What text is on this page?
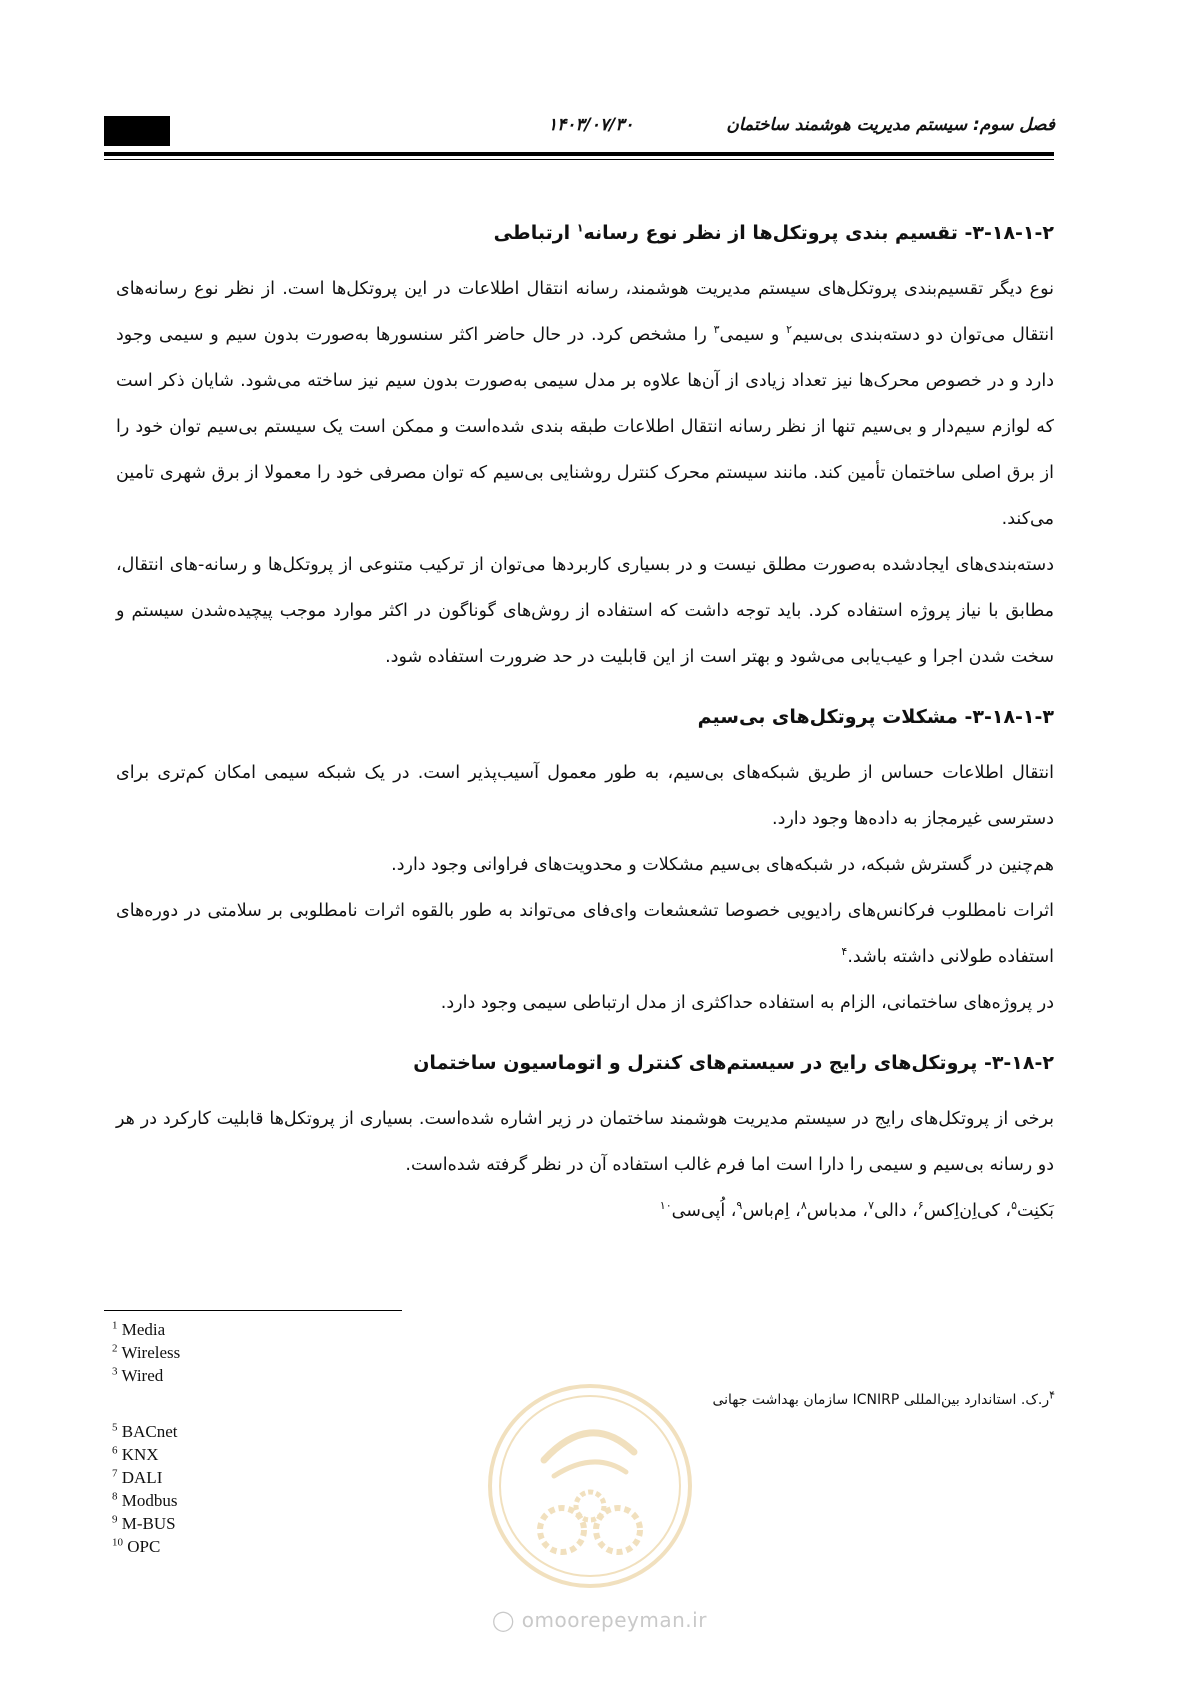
۱۴۰۳/۰۷/۳۰	فصل سوم: سیستم مدیریت هوشمند ساختمان
۳-۱۸-۱-۲- تقسیم بندی پروتکل‌ها از نظر نوع رسانه$^۱$ ارتباطی

نوع دیگر تقسیم‌بندی پروتکل‌های سیستم مدیریت هوشمند، رسانه انتقال اطلاعات در این پروتکل‌ها است. از نظر نوع رسانه‌های انتقال می‌توان دو دسته‌بندی بی‌سیم$^۲$ و سیمی$^۳$ را مشخص کرد. در حال حاضر اکثر سنسورها به‌صورت بدون سیم و سیمی وجود دارد و در خصوص محرک‌ها نیز تعداد زیادی از آن‌ها علاوه بر مدل سیمی به‌صورت بدون سیم نیز ساخته می‌شود. شایان ذکر است که لوازم سیم‌دار و بی‌سیم تنها از نظر رسانه انتقال اطلاعات طبقه بندی شده‌است و ممکن است یک سیستم بی‌سیم توان خود را از برق اصلی ساختمان تأمین کند. مانند سیستم محرک کنترل روشنایی بی‌سیم که توان مصرفی خود را معمولا از برق شهری تامین می‌کند.

دسته‌بندی‌های ایجادشده به‌صورت مطلق نیست و در بسیاری کاربردها می‌توان از ترکیب متنوعی از پروتکل‌ها و رسانه-های انتقال، مطابق با نیاز پروژه استفاده کرد. باید توجه داشت که استفاده از روش‌های گوناگون در اکثر موارد موجب پیچیده‌شدن سیستم و سخت شدن اجرا و عیب‌یابی می‌شود و بهتر است از این قابلیت در حد ضرورت استفاده شود.

۳-۱۸-۱-۳- مشکلات پروتکل‌های بی‌سیم

انتقال اطلاعات حساس از طریق شبکه‌های بی‌سیم، به طور معمول آسیب‌پذیر است. در یک شبکه سیمی امکان کم‌تری برای دسترسی غیرمجاز به داده‌ها وجود دارد.

هم‌چنین در گسترش شبکه، در شبکه‌های بی‌سیم مشکلات و محدویت‌های فراوانی وجود دارد.

اثرات نامطلوب فرکانس‌های رادیویی خصوصا تشعشعات وای‌فای می‌تواند به طور بالقوه اثرات نامطلوبی بر سلامتی در دوره‌های استفاده طولانی داشته باشد.$^۴$

در پروژه‌های ساختمانی، الزام به استفاده حداکثری از مدل ارتباطی سیمی وجود دارد.

۳-۱۸-۲- پروتکل‌های رایج در سیستم‌های کنترل و اتوماسیون ساختمان

برخی از پروتکل‌های رایج در سیستم مدیریت هوشمند ساختمان در زیر اشاره شده‌است. بسیاری از پروتکل‌ها قابلیت کارکرد در هر دو رسانه بی‌سیم و سیمی را دارا است اما فرم غالب استفاده آن در نظر گرفته شده‌است.

بَکنِت$^۵$، کی‌اِن‌اِکس$^۶$، دالی$^۷$، مدباس$^۸$، اِم‌باس$^۹$، اُپی‌سی$^{۱۰}$

$^1$ Media
$^2$ Wireless
$^3$ Wired
$^۴$ر.ک. استاندارد بین‌المللی ICNIRP سازمان بهداشت جهانی
$^5$ BACnet
$^6$ KNX
$^7$ DALI
$^8$ Modbus
$^9$ M-BUS
$^{10}$ OPC
◯ omoorepeyman.ir
